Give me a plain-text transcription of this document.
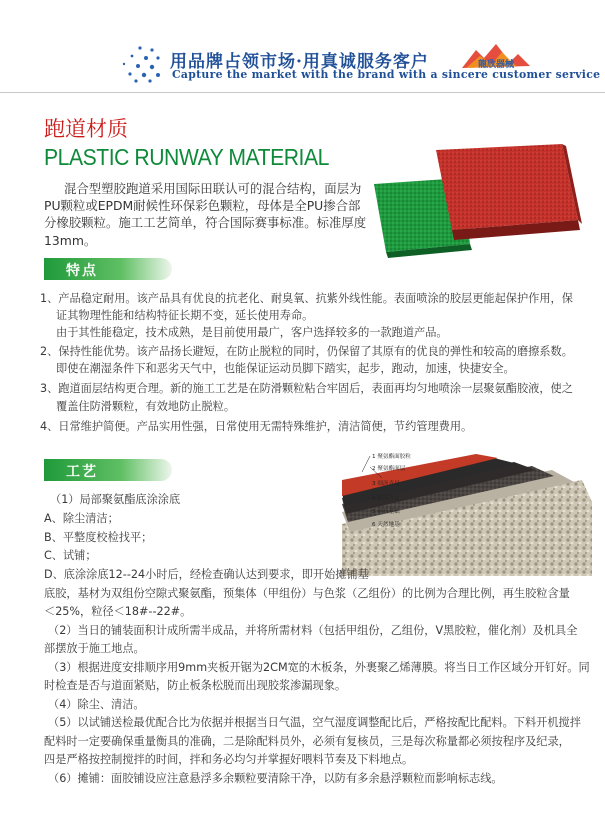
用品牌占领市场·用真诚服务客户
Capture the market with the brand with a sincere customer service
龍欣器械
跑道材质
PLASTIC RUNWAY MATERIAL
混合型塑胶跑道采用国际田联认可的混合结构，面层为PU颗粒或EPDM耐候性环保彩色颗粒，母体是全PU掺合部分橡胶颗粒。施工工艺简单，符合国际赛事标准。标准厚度
13mm。
特点
1、产品稳定耐用。该产品具有优良的抗老化、耐臭氧、抗紫外线性能。表面喷涂的胶层更能起保护作用，保
证其物理性能和结构特征长期不变，延长使用寿命。
由于其性能稳定，技术成熟，是目前使用最广，客户选择较多的一款跑道产品。
2、保持性能优势。该产品扬长避短，在防止脱粒的同时，仍保留了其原有的优良的弹性和较高的磨擦系数。
即使在潮湿条件下和恶劣天气中，也能保证运动员脚下踏实，起步，跑动，加速，快捷安全。
3、跑道面层结构更合理。新的施工工艺是在防滑颗粒粘合牢固后，表面再均匀地喷涂一层聚氨酯胶液，使之
覆盖住防滑颗粒，有效地防止脱粒。
4、日常维护简便。产品实用性强，日常使用无需特殊维护，清洁简便，节约管理费用。
工艺
1 聚氨酯面胶粒
2 聚氨酯面层
3 细沥青层
4 粗沥青层
5 碎石基础
6 天然地基
（1）局部聚氨酯底涂涂底
A、除尘清洁；
B、平整度校检找平；
C、试铺；
D、底涂涂底12--24小时后，经检查确认达到要求，即开始摊铺基
底胶，基材为双组份空隙式聚氨酯，预集体（甲组份）与色浆（乙组份）的比例为合理比例，再生胶粒含量
＜25%，粒径＜18#--22#。
（2）当日的铺装面积计成所需半成品，并将所需材料（包括甲组份，乙组份，V黑胶粒，催化剂）及机具全
部摆放于施工地点。
（3）根据进度安排顺序用9mm夹板开锯为2CM宽的木板条，外裹聚乙烯薄膜。将当日工作区域分开钉好。同
时检查是否与道面紧贴，防止板条松脱而出现胶浆渗漏现象。
（4）除尘、清洁。
（5）以试铺送检最优配合比为依据并根据当日气温，空气湿度调整配比后，严格按配比配料。下料开机搅拌
配料时一定要确保重量衡具的准确，二是除配料员外，必须有复核员，三是每次称量都必须按程序及纪录，
四是严格按控制搅拌的时间，拌和务必均匀并掌握好喂料节奏及下料地点。
（6）摊铺：面胶铺设应注意悬浮多余颗粒要清除干净，以防有多余悬浮颗粒而影响标志线。
